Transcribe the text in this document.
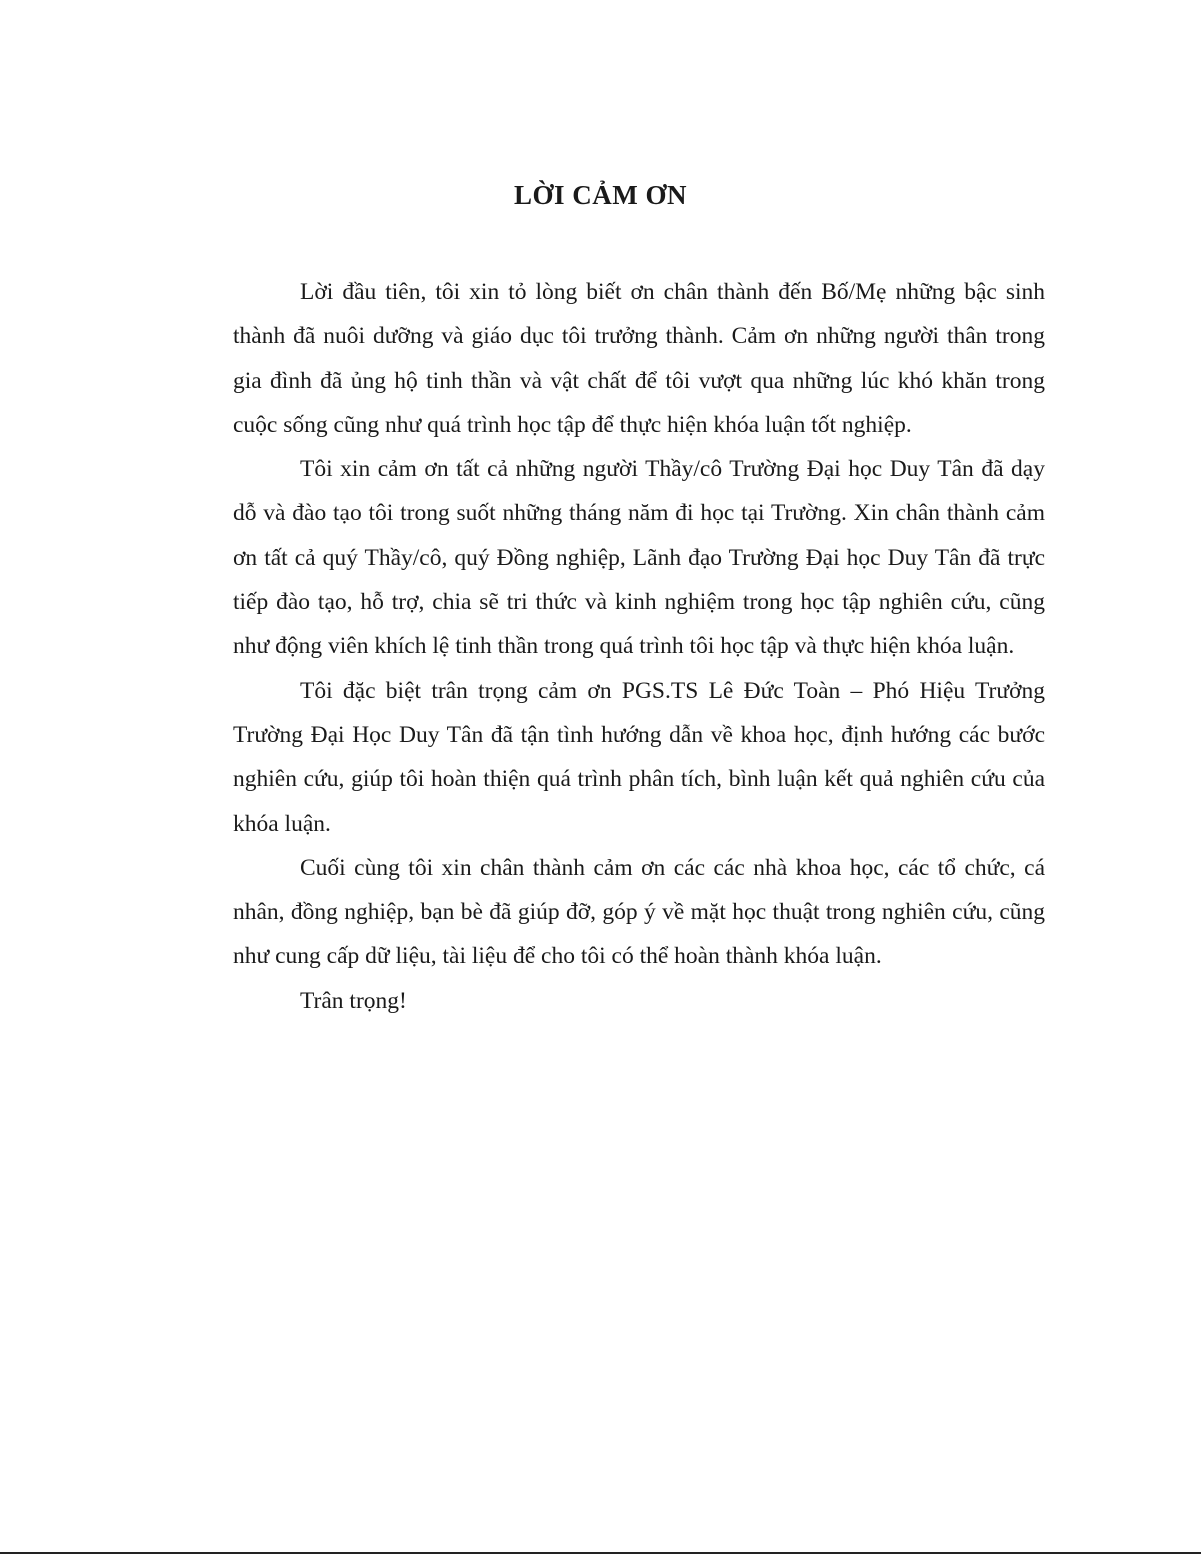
LỜI CẢM ƠN

Lời đầu tiên, tôi xin tỏ lòng biết ơn chân thành đến Bố/Mẹ những bậc sinh thành đã nuôi dưỡng và giáo dục tôi trưởng thành. Cảm ơn những người thân trong gia đình đã ủng hộ tinh thần và vật chất để tôi vượt qua những lúc khó khăn trong cuộc sống cũng như quá trình học tập để thực hiện khóa luận tốt nghiệp.

Tôi xin cảm ơn tất cả những người Thầy/cô Trường Đại học Duy Tân đã dạy dỗ và đào tạo tôi trong suốt những tháng năm đi học tại Trường. Xin chân thành cảm ơn tất cả quý Thầy/cô, quý Đồng nghiệp, Lãnh đạo Trường Đại học Duy Tân đã trực tiếp đào tạo, hỗ trợ, chia sẽ tri thức và kinh nghiệm trong học tập nghiên cứu, cũng như động viên khích lệ tinh thần trong quá trình tôi học tập và thực hiện khóa luận.

Tôi đặc biệt trân trọng cảm ơn PGS.TS Lê Đức Toàn – Phó Hiệu Trưởng Trường Đại Học Duy Tân đã tận tình hướng dẫn về khoa học, định hướng các bước nghiên cứu, giúp tôi hoàn thiện quá trình phân tích, bình luận kết quả nghiên cứu của khóa luận.

Cuối cùng tôi xin chân thành cảm ơn các các nhà khoa học, các tổ chức, cá nhân, đồng nghiệp, bạn bè đã giúp đỡ, góp ý về mặt học thuật trong nghiên cứu, cũng như cung cấp dữ liệu, tài liệu để cho tôi có thể hoàn thành khóa luận.

Trân trọng!
